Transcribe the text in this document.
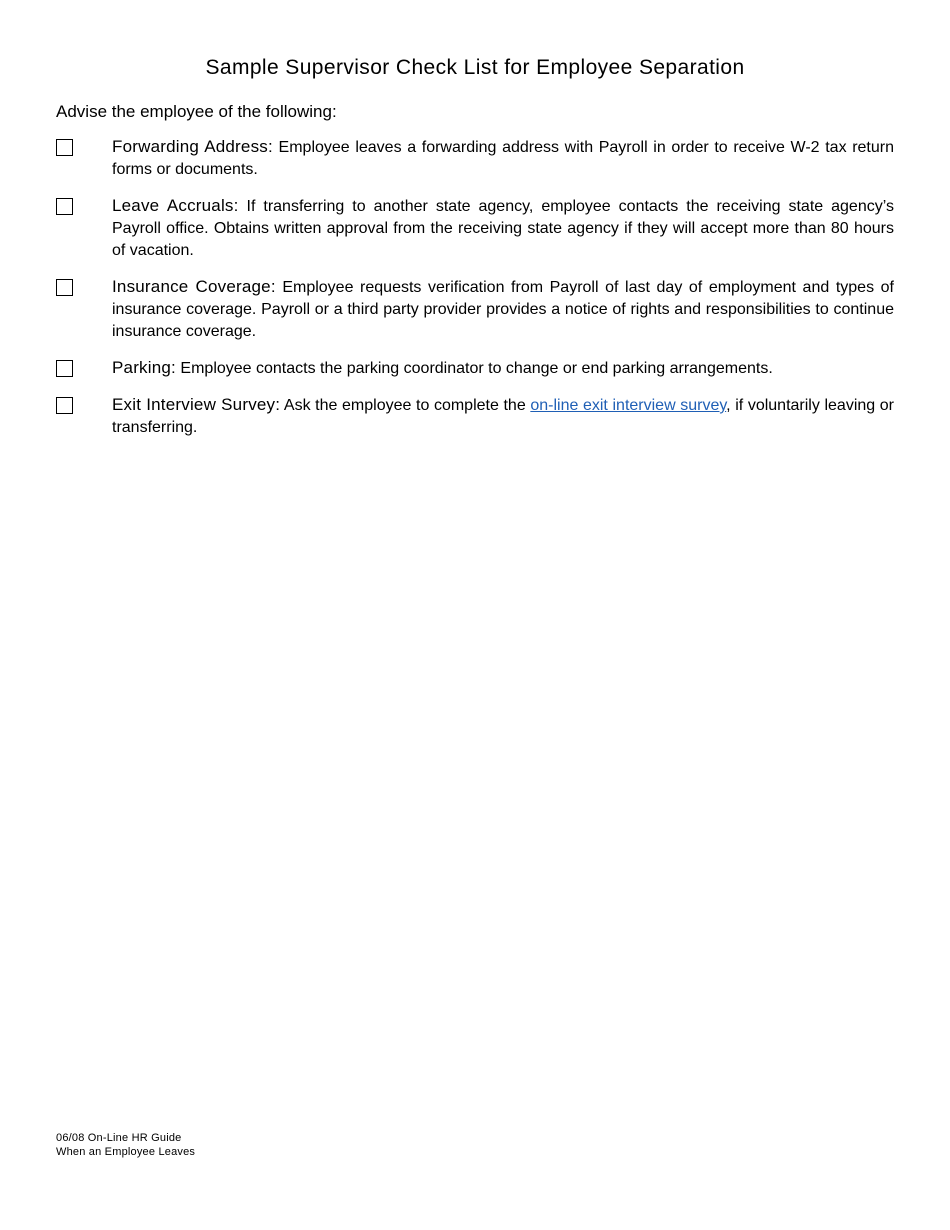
Sample Supervisor Check List for Employee Separation

Advise the employee of the following:

Forwarding Address: Employee leaves a forwarding address with Payroll in order to receive W-2 tax return forms or documents.
Leave Accruals: If transferring to another state agency, employee contacts the receiving state agency’s Payroll office. Obtains written approval from the receiving state agency if they will accept more than 80 hours of vacation.
Insurance Coverage: Employee requests verification from Payroll of last day of employment and types of insurance coverage. Payroll or a third party provider provides a notice of rights and responsibilities to continue insurance coverage.
Parking: Employee contacts the parking coordinator to change or end parking arrangements.
Exit Interview Survey: Ask the employee to complete the on-line exit interview survey, if voluntarily leaving or transferring.
06/08 On-Line HR Guide
When an Employee Leaves
